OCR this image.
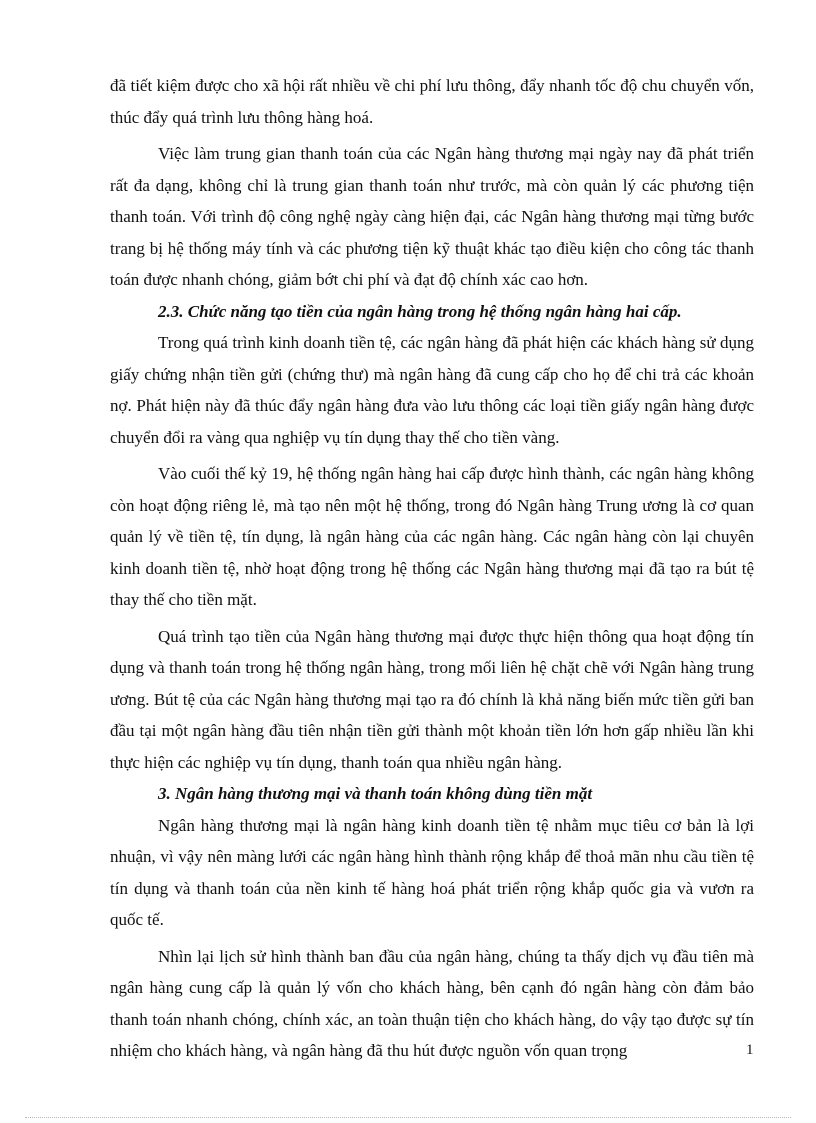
đã tiết kiệm được cho xã hội rất nhiều về chi phí lưu thông, đẩy nhanh tốc độ chu chuyển vốn, thúc đẩy quá trình lưu thông hàng hoá.

Việc làm trung gian thanh toán của các Ngân hàng thương mại ngày nay đã phát triển rất đa dạng, không chỉ là trung gian thanh toán như trước, mà còn quản lý các phương tiện thanh toán. Với trình độ công nghệ ngày càng hiện đại, các Ngân hàng thương mại từng bước trang bị hệ thống máy tính và các phương tiện kỹ thuật khác tạo điều kiện cho công tác thanh toán được nhanh chóng, giảm bớt chi phí và đạt độ chính xác cao hơn.

2.3. Chức năng tạo tiền của ngân hàng trong hệ thống ngân hàng hai cấp.

Trong quá trình kinh doanh tiền tệ, các ngân hàng đã phát hiện các khách hàng sử dụng giấy chứng nhận tiền gửi (chứng thư) mà ngân hàng đã cung cấp cho họ để chi trả các khoản nợ. Phát hiện này đã thúc đẩy ngân hàng đưa vào lưu thông các loại tiền giấy ngân hàng được chuyển đổi ra vàng qua nghiệp vụ tín dụng thay thế cho tiền vàng.

Vào cuối thế kỷ 19, hệ thống ngân hàng hai cấp được hình thành, các ngân hàng không còn hoạt động riêng lẻ, mà tạo nên một hệ thống, trong đó Ngân hàng Trung ương là cơ quan quản lý về tiền tệ, tín dụng, là ngân hàng của các ngân hàng. Các ngân hàng còn lại chuyên kinh doanh tiền tệ, nhờ hoạt động trong hệ thống các Ngân hàng thương mại đã tạo ra bút tệ thay thế cho tiền mặt.

Quá trình tạo tiền của Ngân hàng thương mại được thực hiện thông qua hoạt động tín dụng và thanh toán trong hệ thống ngân hàng, trong mối liên hệ chặt chẽ với Ngân hàng trung ương. Bút tệ của các Ngân hàng thương mại tạo ra đó chính là khả năng biến mức tiền gửi ban đầu tại một ngân hàng đầu tiên nhận tiền gửi thành một khoản tiền lớn hơn gấp nhiều lần khi thực hiện các nghiệp vụ tín dụng, thanh toán qua nhiều ngân hàng.

3. Ngân hàng thương mại và thanh toán không dùng tiền mặt

Ngân hàng thương mại là ngân hàng kinh doanh tiền tệ nhằm mục tiêu cơ bản là lợi nhuận, vì vậy nên màng lưới các ngân hàng hình thành rộng khắp để thoả mãn nhu cầu tiền tệ tín dụng và thanh toán của nền kinh tế hàng hoá phát triển rộng khắp quốc gia và vươn ra quốc tế.

Nhìn lại lịch sử hình thành ban đầu của ngân hàng, chúng ta thấy dịch vụ đầu tiên mà ngân hàng cung cấp là quản lý vốn cho khách hàng, bên cạnh đó ngân hàng còn đảm bảo thanh toán nhanh chóng, chính xác, an toàn thuận tiện cho khách hàng, do vậy tạo được sự tín nhiệm cho khách hàng, và ngân hàng đã thu hút được nguồn vốn quan trọng	1
